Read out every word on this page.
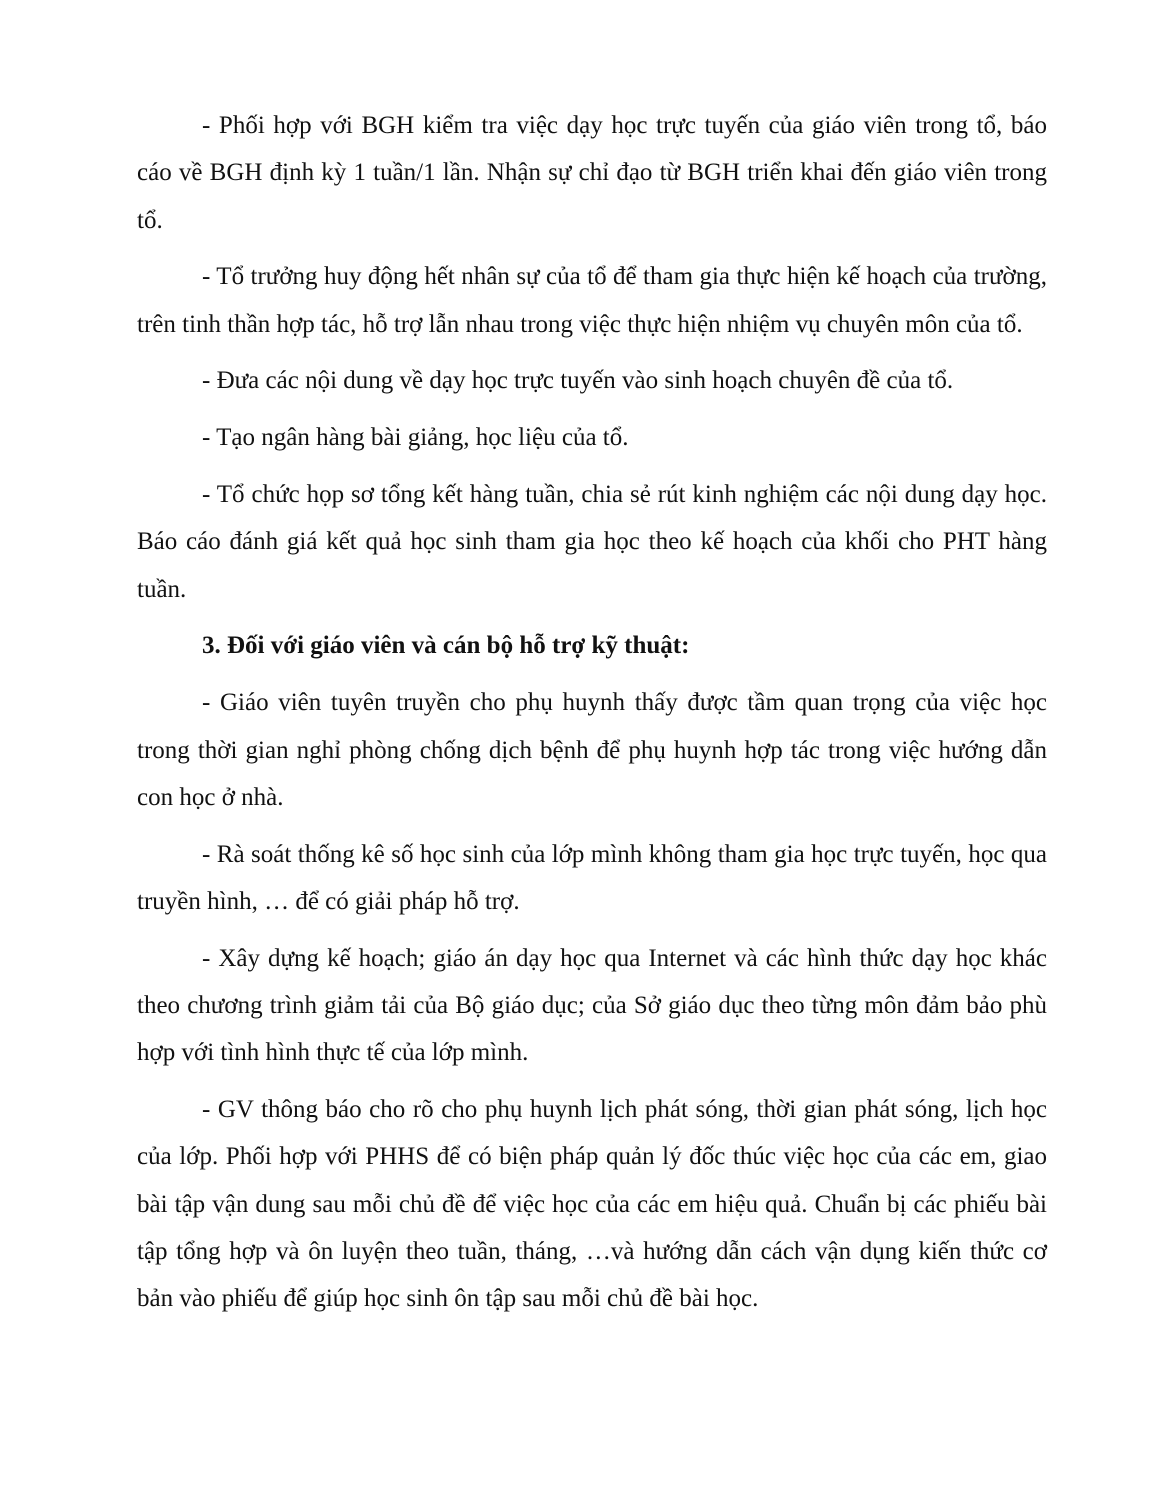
- Phối hợp với BGH kiểm tra việc dạy học trực tuyến của giáo viên trong tổ, báo cáo về BGH định kỳ 1 tuần/1 lần. Nhận sự chỉ đạo từ BGH triển khai đến giáo viên trong tổ.

- Tổ trưởng huy động hết nhân sự của tổ để tham gia thực hiện kế hoạch của trường, trên tinh thần hợp tác, hỗ trợ lẫn nhau trong việc thực hiện nhiệm vụ chuyên môn của tổ.

- Đưa các nội dung về dạy học trực tuyến vào sinh hoạch chuyên đề của tổ.

- Tạo ngân hàng bài giảng, học liệu của tổ.

- Tổ chức họp sơ tổng kết hàng tuần, chia sẻ rút kinh nghiệm các nội dung dạy học. Báo cáo đánh giá kết quả học sinh tham gia học theo kế hoạch của khối cho PHT hàng tuần.

3. Đối với giáo viên và cán bộ hỗ trợ kỹ thuật:

- Giáo viên tuyên truyền cho phụ huynh thấy được tầm quan trọng của việc học trong thời gian nghỉ phòng chống dịch bệnh để phụ huynh hợp tác trong việc hướng dẫn con học ở nhà.

- Rà soát thống kê số học sinh của lớp mình không tham gia học trực tuyến, học qua truyền hình, … để có giải pháp hỗ trợ.

- Xây dựng kế hoạch; giáo án dạy học qua Internet và các hình thức dạy học khác theo chương trình giảm tải của Bộ giáo dục; của Sở giáo dục theo từng môn đảm bảo phù hợp với tình hình thực tế của lớp mình.

- GV thông báo cho rõ cho phụ huynh lịch phát sóng, thời gian phát sóng, lịch học của lớp. Phối hợp với PHHS để có biện pháp quản lý đốc thúc việc học của các em, giao bài tập vận dung sau mỗi chủ đề để việc học của các em hiệu quả. Chuẩn bị các phiếu bài tập tổng hợp và ôn luyện theo tuần, tháng, …và hướng dẫn cách vận dụng kiến thức cơ bản vào phiếu để giúp học sinh ôn tập sau mỗi chủ đề bài học.
